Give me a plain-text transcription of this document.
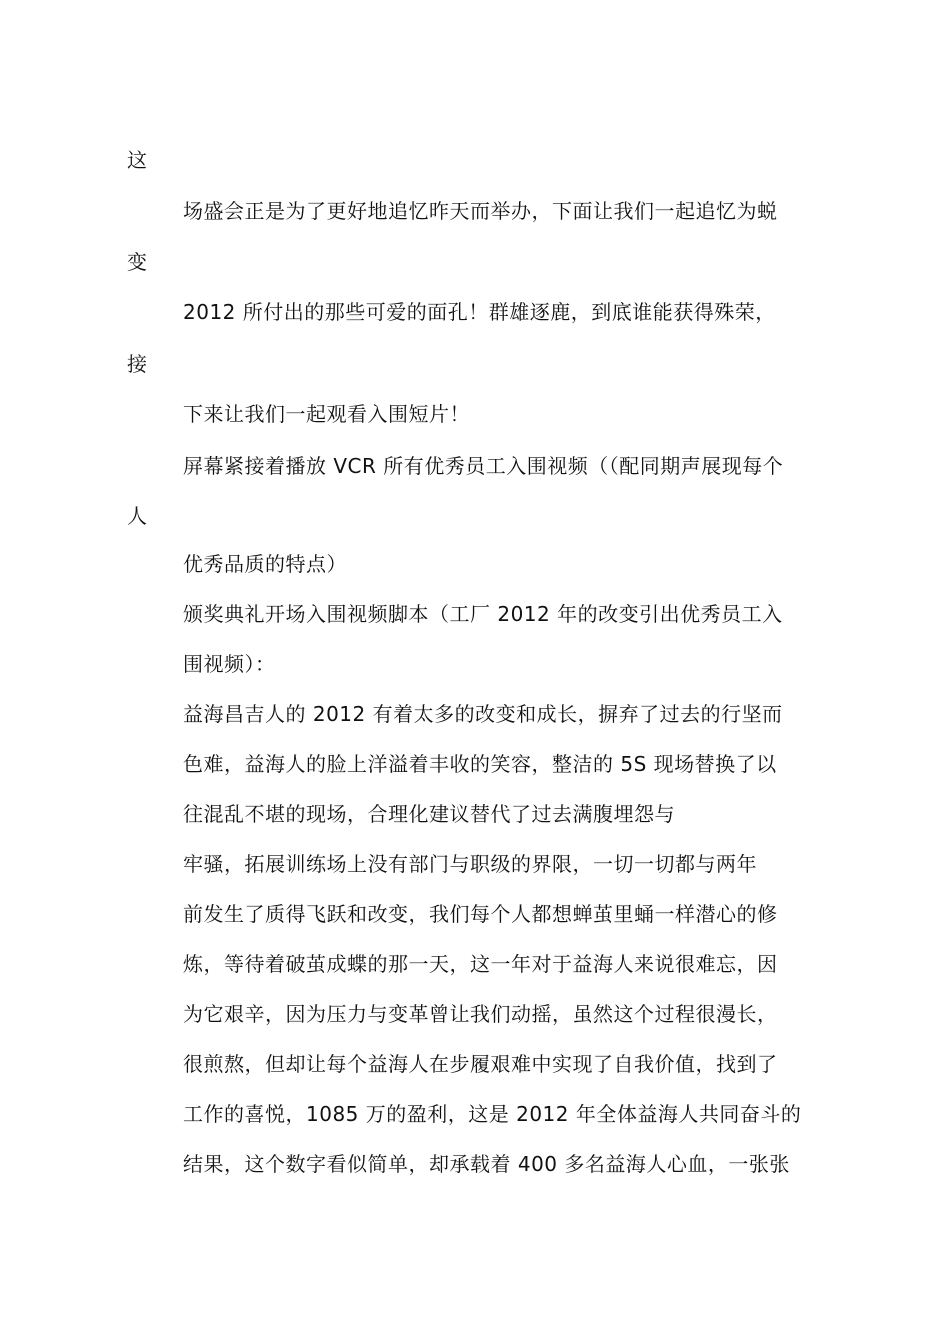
这
场盛会正是为了更好地追忆昨天而举办，下面让我们一起追忆为蜕
变
2012 所付出的那些可爱的面孔！群雄逐鹿，到底谁能获得殊荣，
接
下来让我们一起观看入围短片！
屏幕紧接着播放 VCR 所有优秀员工入围视频（（配同期声展现每个
人
优秀品质的特点）
颁奖典礼开场入围视频脚本（工厂 2012 年的改变引出优秀员工入
围视频）：
益海昌吉人的 2012 有着太多的改变和成长，摒弃了过去的行坚而
色难，益海人的脸上洋溢着丰收的笑容，整洁的 5S 现场替换了以
往混乱不堪的现场，合理化建议替代了过去满腹埋怨与
牢骚，拓展训练场上没有部门与职级的界限，一切一切都与两年
前发生了质得飞跃和改变，我们每个人都想蝉茧里蛹一样潜心的修
炼，等待着破茧成蝶的那一天，这一年对于益海人来说很难忘，因
为它艰辛，因为压力与变革曾让我们动摇，虽然这个过程很漫长，
很煎熬，但却让每个益海人在步履艰难中实现了自我价值，找到了
工作的喜悦，1085 万的盈利，这是 2012 年全体益海人共同奋斗的
结果，这个数字看似简单，却承载着 400 多名益海人心血，一张张
